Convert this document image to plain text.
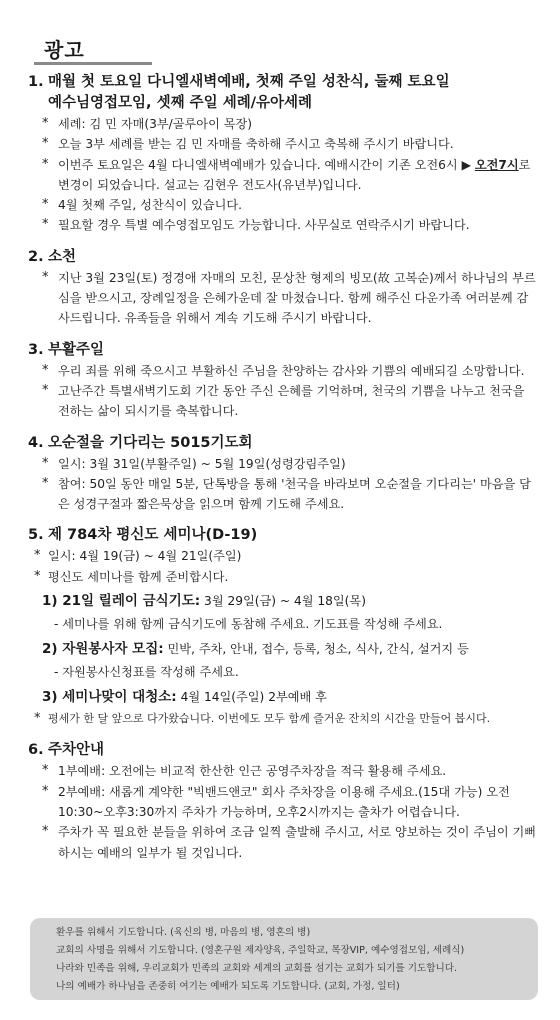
광고
1. 매월 첫 토요일 다니엘새벽예배, 첫째 주일 성찬식, 둘째 토요일
예수님영접모임, 셋째 주일 세례/유아세례
* 세례: 김 민 자매(3부/골루아이 목장)
* 오늘 3부 세례를 받는 김 민 자매를 축하해 주시고 축복해 주시기 바랍니다.
* 이번주 토요일은 4월 다니엘새벽예배가 있습니다. 예배시간이 기존 오전6시 ▶ 오전7시로 변경이 되었습니다. 설교는 김현우 전도사(유년부)입니다.
* 4월 첫째 주일, 성찬식이 있습니다.
* 필요할 경우 특별 예수영접모임도 가능합니다. 사무실로 연락주시기 바랍니다.
2. 소천
* 지난 3월 23일(토) 정경애 자매의 모친, 문상찬 형제의 빙모(故 고복순)께서 하나님의 부르심을 받으시고, 장례일정을 은혜가운데 잘 마쳤습니다. 함께 해주신 다운가족 여러분께 감사드립니다. 유족들을 위해서 계속 기도해 주시기 바랍니다.
3. 부활주일
* 우리 죄를 위해 죽으시고 부활하신 주님을 찬양하는 감사와 기쁨의 예배되길 소망합니다.
* 고난주간 특별새벽기도회 기간 동안 주신 은혜를 기억하며, 천국의 기쁨을 나누고 천국을 전하는 삶이 되시기를 축복합니다.
4. 오순절을 기다리는 5015기도회
* 일시: 3월 31일(부활주일) ~ 5월 19일(성령강림주일)
* 참여: 50일 동안 매일 5분, 단톡방을 통해 '천국을 바라보며 오순절을 기다리는' 마음을 담은 성경구절과 짧은묵상을 읽으며 함께 기도해 주세요.
5. 제 784차 평신도 세미나(D-19)
* 일시: 4월 19(금) ~ 4월 21일(주일)
* 평신도 세미나를 함께 준비합시다.
1) 21일 릴레이 금식기도: 3월 29일(금) ~ 4월 18일(목)
- 세미나를 위해 함께 금식기도에 동참해 주세요. 기도표를 작성해 주세요.
2) 자원봉사자 모집: 민박, 주차, 안내, 접수, 등록, 청소, 식사, 간식, 설거지 등
- 자원봉사신청표를 작성해 주세요.
3) 세미나맞이 대청소: 4월 14일(주일) 2부예배 후
* 평세가 한 달 앞으로 다가왔습니다. 이번에도 모두 함께 즐거운 잔치의 시간을 만들어 봅시다.
6. 주차안내
* 1부예배: 오전에는 비교적 한산한 인근 공영주차장을 적극 활용해 주세요.
* 2부예배: 새롭게 계약한 "빅밴드앤코" 회사 주차장을 이용해 주세요.(15대 가능) 오전10:30~오후3:30까지 주차가 가능하며, 오후2시까지는 출차가 어렵습니다.
* 주차가 꼭 필요한 분들을 위하여 조금 일찍 출발해 주시고, 서로 양보하는 것이 주님이 기뻐하시는 예배의 일부가 될 것입니다.
환우를 위해서 기도합니다. (육신의 병, 마음의 병, 영혼의 병)
교회의 사명을 위해서 기도합니다. (영혼구원 제자양육, 주일학교, 목장VIP, 예수영접모임, 세례식)
나라와 민족을 위해, 우리교회가 민족의 교회와 세계의 교회를 섬기는 교회가 되기를 기도합니다.
나의 예배가 하나님을 존중히 여기는 예배가 되도록 기도합니다. (교회, 가정, 일터)
